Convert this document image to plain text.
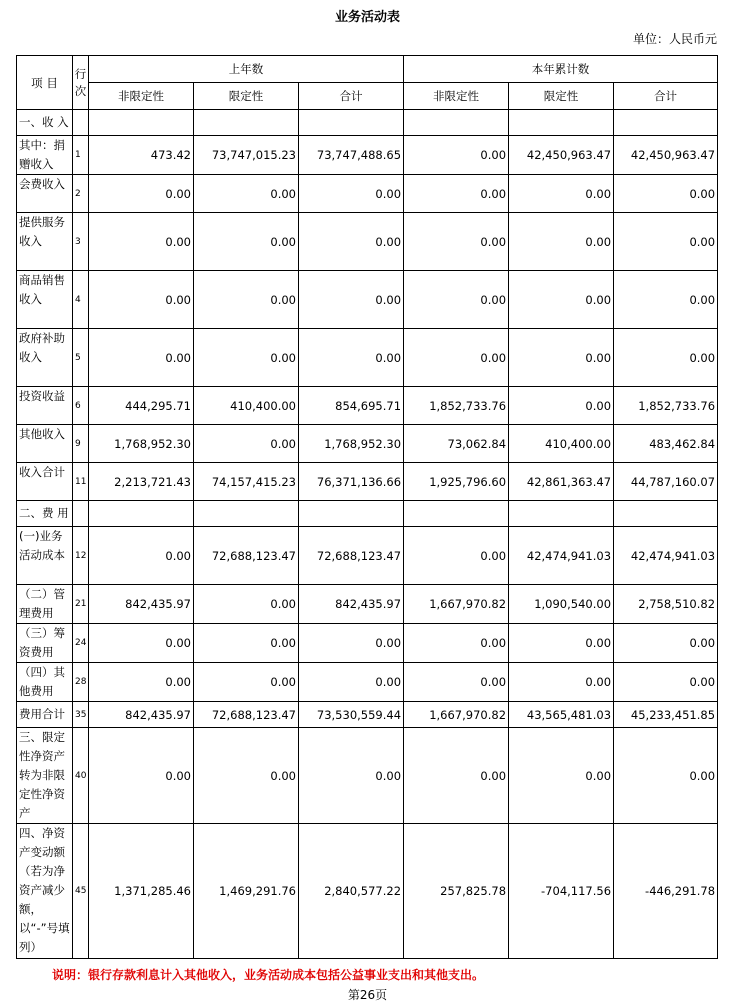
业务活动表
单位：人民币元
项 目	行次	上年数			本年累计数		
		非限定性	限定性	合计	非限定性	限定性	合计
一、收 入							
其中：捐赠收入	1	473.42	73,747,015.23	73,747,488.65	0.00	42,450,963.47	42,450,963.47
会费收入	2	0.00	0.00	0.00	0.00	0.00	0.00
提供服务收入	3	0.00	0.00	0.00	0.00	0.00	0.00
商品销售收入	4	0.00	0.00	0.00	0.00	0.00	0.00
政府补助收入	5	0.00	0.00	0.00	0.00	0.00	0.00
投资收益	6	444,295.71	410,400.00	854,695.71	1,852,733.76	0.00	1,852,733.76
其他收入	9	1,768,952.30	0.00	1,768,952.30	73,062.84	410,400.00	483,462.84
收入合计	11	2,213,721.43	74,157,415.23	76,371,136.66	1,925,796.60	42,861,363.47	44,787,160.07
二、费 用							
(一)业务活动成本	12	0.00	72,688,123.47	72,688,123.47	0.00	42,474,941.03	42,474,941.03
（二）管理费用	21	842,435.97	0.00	842,435.97	1,667,970.82	1,090,540.00	2,758,510.82
（三）筹资费用	24	0.00	0.00	0.00	0.00	0.00	0.00
（四）其他费用	28	0.00	0.00	0.00	0.00	0.00	0.00
费用合计	35	842,435.97	72,688,123.47	73,530,559.44	1,667,970.82	43,565,481.03	45,233,451.85
三、限定性净资产转为非限定性净资产	40	0.00	0.00	0.00	0.00	0.00	0.00
四、净资产变动额（若为净资产减少额，以“-”号填列）	45	1,371,285.46	1,469,291.76	2,840,577.22	257,825.78	-704,117.56	-446,291.78
说明：银行存款利息计入其他收入，业务活动成本包括公益事业支出和其他支出。
第26页
